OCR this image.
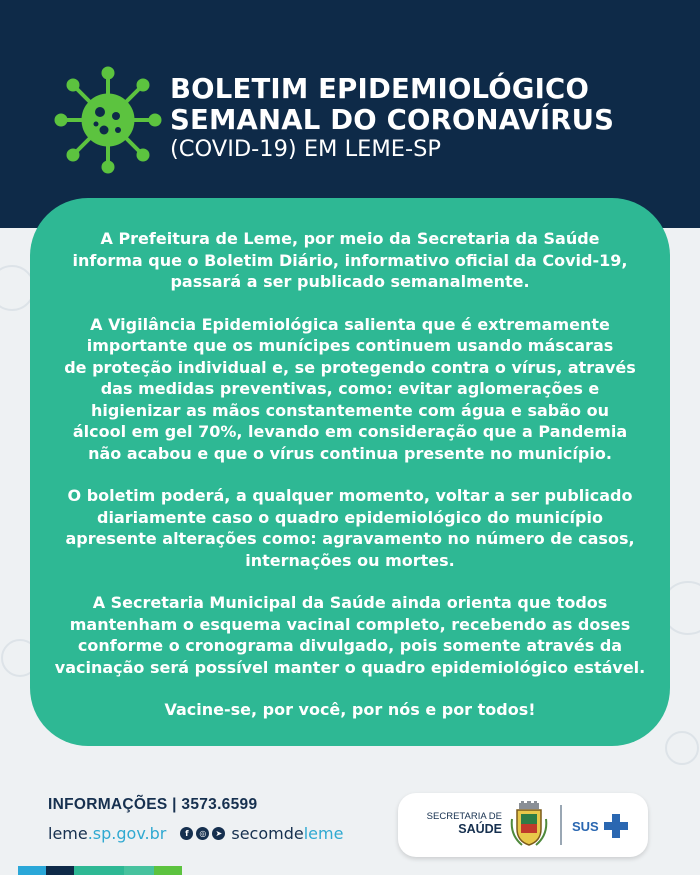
BOLETIM EPIDEMIOLÓGICO
SEMANAL DO CORONAVÍRUS
(COVID-19) EM LEME-SP
A Prefeitura de Leme, por meio da Secretaria da Saúde
informa que o Boletim Diário, informativo oficial da Covid-19,
passará a ser publicado semanalmente.
A Vigilância Epidemiológica salienta que é extremamente
importante que os munícipes continuem usando máscaras
de proteção individual e, se protegendo contra o vírus, através
das medidas preventivas, como: evitar aglomerações e
higienizar as mãos constantemente com água e sabão ou
álcool em gel 70%, levando em consideração que a Pandemia
não acabou e que o vírus continua presente no município.
O boletim poderá, a qualquer momento, voltar a ser publicado
diariamente caso o quadro epidemiológico do município
apresente alterações como: agravamento no número de casos,
internações ou mortes.
A Secretaria Municipal da Saúde ainda orienta que todos
mantenham o esquema vacinal completo, recebendo as doses
conforme o cronograma divulgado, pois somente através da
vacinação será possível manter o quadro epidemiológico estável.
Vacine-se, por você, por nós e por todos!
INFORMAÇÕES | 3573.6599
leme.sp.gov.br	f	◎	➤ secomdeleme
SECRETARIA DE
SAÚDE	SUS
